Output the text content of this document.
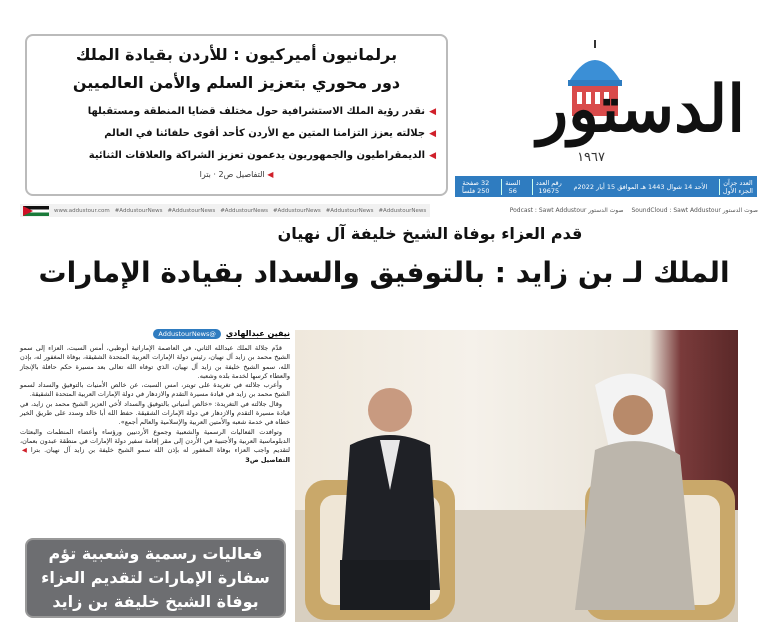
برلمانيون أميركيون : للأردن بقيادة الملك
دور محوري بتعزيز السلم والأمن العالميين
◀ نقدر رؤية الملك الاستشرافية حول مختلف قضايا المنطقة ومستقبلها
◀ جلالته يعزز التزامنا المتين مع الأردن كأحد أقوى حلفائنا في العالم
◀ الديمقراطيون والجمهوريون يدعمون تعزيز الشراكة والعلاقات الثنائية
◀ التفاصيل ص2 · بترا
الدستور
١٩٦٧
العدد جزآن
الجزء الأول
الأحد 14 شوال 1443 هـ الموافق 15 أيار 2022م
رقم العدد
19675
السنة
56
32 صفحة
250 فلساً
صوت الدستور SoundCloud : Sawt Addustour
صوت الدستور Podcast : Sawt Addustour
www.addustour.com #AddustourNews #AddustourNews #AddustourNews #AddustourNews #AddustourNews #AddustourNews
قدم العزاء بوفاة الشيخ خليفة آل نهيان
الملك لـ بن زايد : بالتوفيق والسداد بقيادة الإمارات
نيفين عبدالهادي
@AddustourNews

قدّم جلالة الملك عبدالله الثاني، في العاصمة الإماراتية أبوظبي، أمس السبت، العزاء إلى سمو الشيخ محمد بن زايد آل نهيان، رئيس دولة الإمارات العربية المتحدة الشقيقة، بوفاة المغفور له، بإذن الله، سمو الشيخ خليفة بن زايد آل نهيان، الذي توفاه الله تعالى بعد مسيرة حكم حافلة بالإنجاز والعطاء كرسها لخدمة بلده وشعبه.

وأعرب جلالته في تغريدة على تويتر، امس السبت، عن خالص الأمنيات بالتوفيق والسداد لسمو الشيخ محمد بن زايد في قيادة مسيرة التقدم والازدهار في دولة الإمارات العربية المتحدة الشقيقة.

وقال جلالته في التغريدة: «خالص أمنياتي بالتوفيق والسداد لأخي العزيز الشيخ محمد بن زايد، في قيادة مسيرة التقدم والازدهار في دولة الإمارات الشقيقة. حفظ الله أبا خالد وسدد على طريق الخير خطاه في خدمة شعبه والأمتين العربية والإسلامية والعالم أجمع».

وتوافدت الفعاليات الرسمية والشعبية وجموع الأردنيين ورؤساء وأعضاء المنظمات والبعثات الدبلوماسية العربية والأجنبية في الأردن إلى مقر إقامة سفير دولة الإمارات في منطقة عبدون بعمان، لتقديم واجب العزاء بوفاة المغفور له بإذن الله سمو الشيخ خليفة بن زايد آل نهيان. بترا

◀ التفاصيل ص3
فعاليات رسمية وشعبية تؤم
سفارة الإمارات لتقديم العزاء
بوفاة الشيخ خليفة بن زايد
